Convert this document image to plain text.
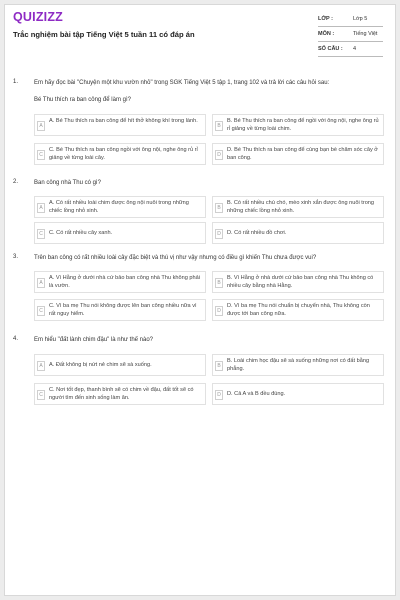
QUIZIZZ
Trắc nghiệm bài tập Tiếng Việt 5 tuần 11 có đáp án
LỚP :	Lớp 5
MÔN :	Tiếng Việt
SỐ CÂU : 4
1.	Em hãy đọc bài "Chuyện một khu vườn nhỏ" trong SGK Tiếng Việt 5 tập 1, trang 102 và trả lời các câu hỏi sau:
Bé Thu thích ra ban công để làm gì?
A
A. Bé Thu thích ra ban công để hít thở không khí trong lành.
B
B. Bé Thu thích ra ban công để ngồi với ông nội, nghe ông rủ rỉ giảng về từng loài chim.
C
C. Bé Thu thích ra ban công ngồi với ông nội, nghe ông rủ rỉ giảng về từng loài cây.	D
D. Bé Thu thích ra ban công để cùng bạn bè chăm sóc cây ở ban công.
2.	Ban công nhà Thu có gì?
A
A. Có rất nhiều loài chim được ông nội nuôi trong những chiếc lồng nhỏ xinh.	B
B. Có rất nhiều chú chó, mèo xinh xắn được ông nuôi trong những chiếc lồng nhỏ xinh.
C	C. Có rất nhiều cây xanh.	D	D. Có rất nhiều đồ chơi.
3.	Trên ban công có rất nhiều loài cây đặc biệt và thú vị như vậy nhưng có điều gì khiến Thu chưa được vui?
A
A. Vì Hằng ở dưới nhà cứ bảo ban công nhà Thu không phải là vườn.	B
B. Vì Hằng ở nhà dưới cứ bảo ban công nhà Thu không có nhiều cây bằng nhà Hằng.
C
C. Vì ba mẹ Thu nói không được lên ban công nhiều nữa vì rất nguy hiểm.	D
D. Vì ba mẹ Thu nói chuẩn bị chuyển nhà, Thu không còn được tới ban công nữa.
4.	Em hiểu "đất lành chim đậu" là như thế nào?
A	A. Đất không bị nứt nẻ chim sẽ sà xuống.	B
B. Loài chim học đậu sẽ sà xuống những nơi có đất bằng phẳng.
C
C. Nơi tốt đẹp, thanh bình sẽ có chim về đậu, đất tốt sẽ có người tìm đến sinh sống làm ăn.	D	D. Cả A và B đều đúng.
